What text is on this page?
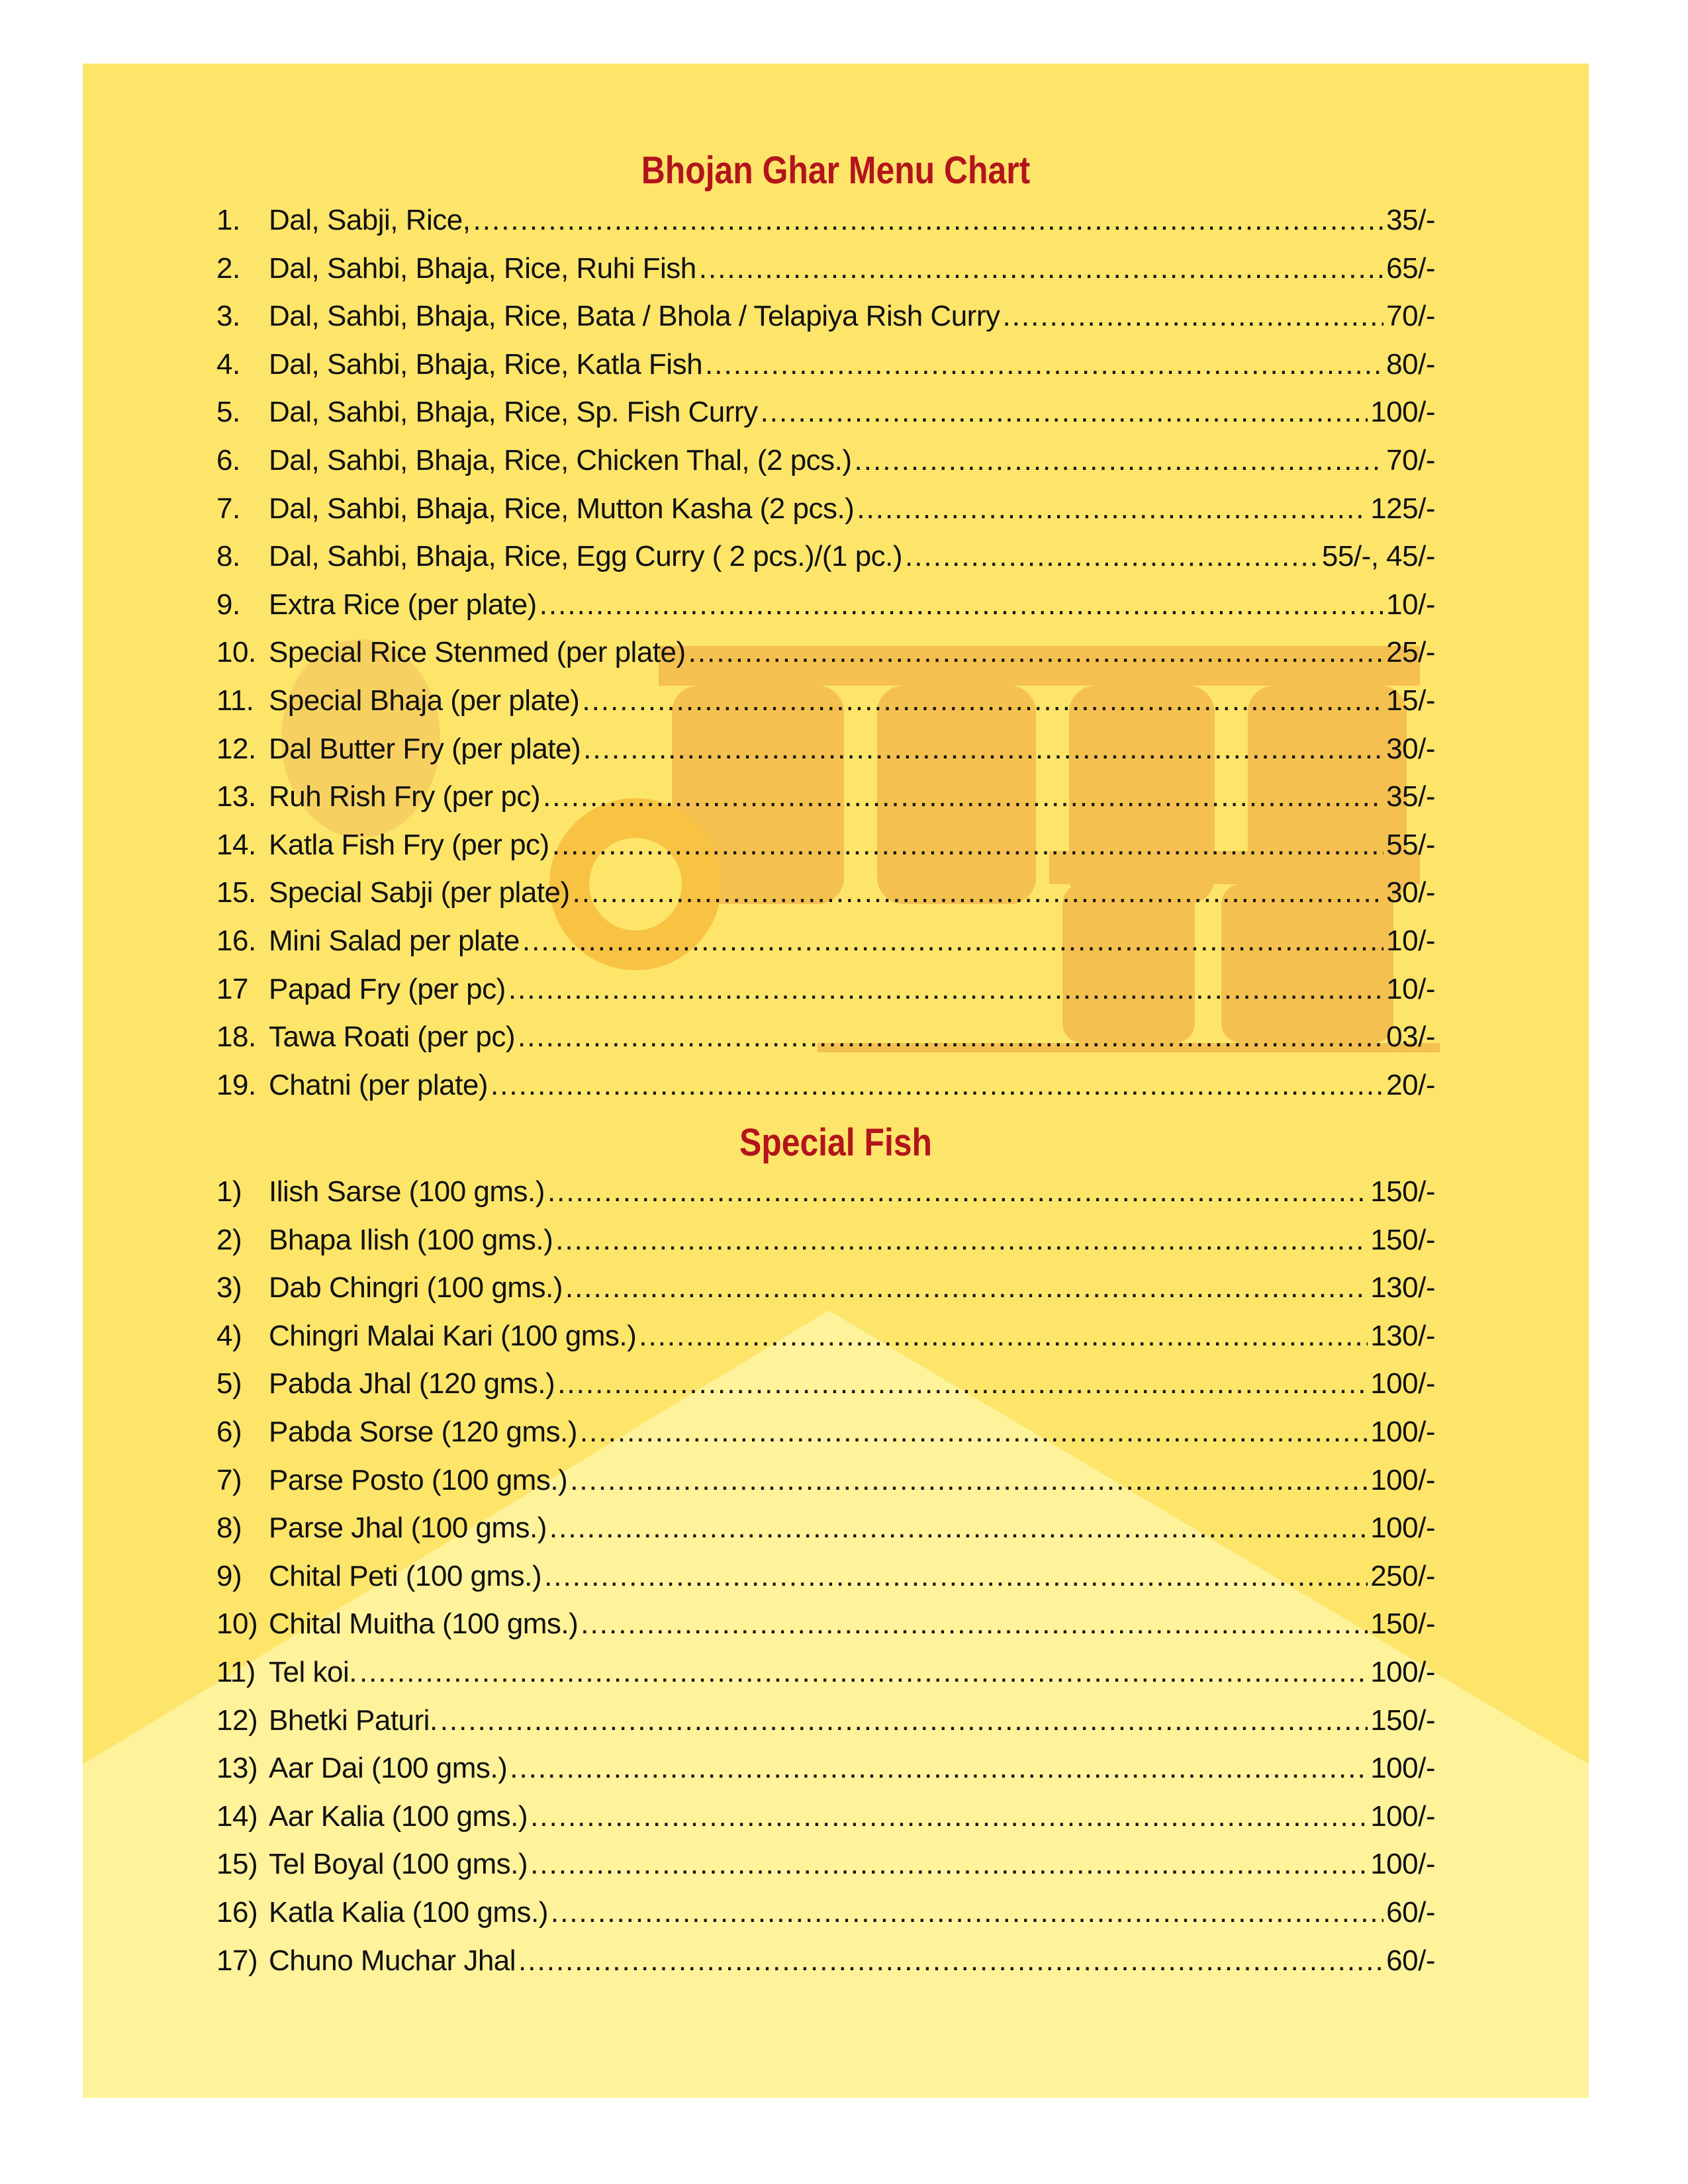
Bhojan Ghar Menu Chart
1. Dal, Sabji, Rice, .....	35/-
2. Dal, Sahbi, Bhaja, Rice, Ruhi Fish .....	65/-
3. Dal, Sahbi, Bhaja, Rice, Bata / Bhola / Telapiya Rish Curry .....	70/-
4. Dal, Sahbi, Bhaja, Rice, Katla Fish .....	80/-
5. Dal, Sahbi, Bhaja, Rice, Sp. Fish Curry .....	100/-
6. Dal, Sahbi, Bhaja, Rice, Chicken Thal, (2 pcs.) .....	70/-
7. Dal, Sahbi, Bhaja, Rice, Mutton Kasha (2 pcs.) .....	125/-
8. Dal, Sahbi, Bhaja, Rice, Egg Curry ( 2 pcs.)/(1 pc.) .....	55/-, 45/-
9. Extra Rice (per plate) .....	10/-
10. Special Rice Stenmed (per plate) .....	25/-
11. Special Bhaja (per plate) .....	15/-
12. Dal Butter Fry (per plate) .....	30/-
13. Ruh Rish Fry (per pc) .....	35/-
14. Katla Fish Fry (per pc) .....	55/-
15. Special Sabji (per plate) .....	30/-
16. Mini Salad per plate .....	10/-
17 Papad Fry (per pc) .....	10/-
18. Tawa Roati (per pc) .....	03/-
19. Chatni (per plate) .....	20/-
Special Fish
1) Ilish Sarse (100 gms.) .....	150/-
2) Bhapa Ilish (100 gms.) .....	150/-
3) Dab Chingri (100 gms.) .....	130/-
4) Chingri Malai Kari (100 gms.) .....	130/-
5) Pabda Jhal (120 gms.) .....	100/-
6) Pabda Sorse (120 gms.) .....	100/-
7) Parse Posto (100 gms.) .....	100/-
8) Parse Jhal (100 gms.) .....	100/-
9) Chital Peti (100 gms.) .....	250/-
10) Chital Muitha (100 gms.) .....	150/-
11) Tel koi. .....	100/-
12) Bhetki Paturi. .....	150/-
13) Aar Dai (100 gms.) .....	100/-
14) Aar Kalia (100 gms.) .....	100/-
15) Tel Boyal (100 gms.) .....	100/-
16) Katla Kalia (100 gms.) .....	60/-
17) Chuno Muchar Jhal .....	60/-
